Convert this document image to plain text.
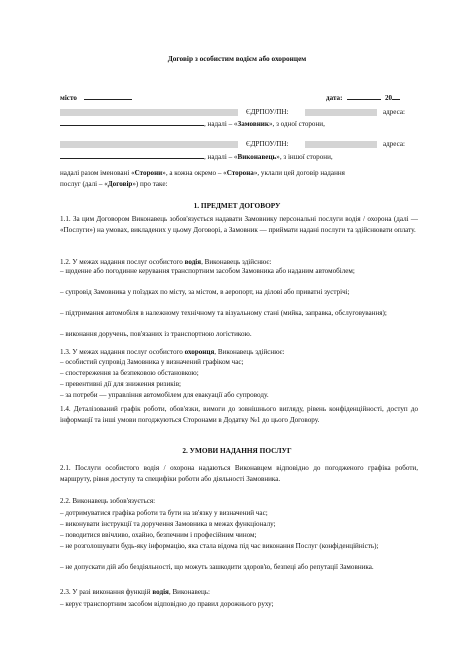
Договір з особистим водієм або охоронцем
місто	дата:	20
ЄДРПОУ/ПН:	адреса:
, надалі – «Замовник», з одної сторони,
ЄДРПОУ/ПН:	адреса:
, надалі – «Виконавець», з іншої сторони,
надалі разом іменовані «Сторони», а кожна окремо – «Сторона», уклали цей договір надання
послуг (далі – «Договір») про таке:
1. ПРЕДМЕТ ДОГОВОРУ
1.1. За цим Договором Виконавець зобов'язується надавати Замовнику персональні послуги водія / охорона (далі — «Послуги») на умовах, викладених у цьому Договорі, а Замовник — приймати надані послуги та здійснювати оплату.
1.2. У межах надання послуг особистого водія, Виконавець здійснює:
– щоденне або погодинне керування транспортним засобом Замовника або наданим автомобілем;
– супровід Замовника у поїздках по місту, за містом, в аеропорт, на ділові або приватні зустрічі;
– підтримання автомобіля в належному технічному та візуальному стані (мийка, заправка, обслуговування);
– виконання доручень, пов'язаних із транспортною логістикою.
1.3. У межах надання послуг особистого охоронця, Виконавець здійснює:
– особистий супровід Замовника у визначений графіком час;
– спостереження за безпековою обстановкою;
– превентивні дії для зниження ризиків;
– за потреби — управління автомобілем для евакуації або супроводу.
1.4. Деталізований графік роботи, обов'язки, вимоги до зовнішнього вигляду, рівень конфіденційності, доступ до інформації та інші умови погоджуються Сторонами в Додатку №1 до цього Договору.
2. УМОВИ НАДАННЯ ПОСЛУГ
2.1. Послуги особистого водія / охорона надаються Виконавцем відповідно до погодженого графіка роботи, маршруту, рівня доступу та специфіки роботи або діяльності Замовника.
2.2. Виконавець зобов'язується:
– дотримуватися графіка роботи та бути на зв'язку у визначений час;
– виконувати інструкції та доручення Замовника в межах функціоналу;
– поводитися ввічливо, охайно, безпечним і професійним чином;
– не розголошувати будь-яку інформацію, яка стала відома під час виконання Послуг (конфіденційність);
– не допускати дій або бездіяльності, що можуть зашкодити здоров'ю, безпеці або репутації Замовника.
2.3. У разі виконання функцій водія, Виконавець:
– керує транспортним засобом відповідно до правил дорожнього руху;
